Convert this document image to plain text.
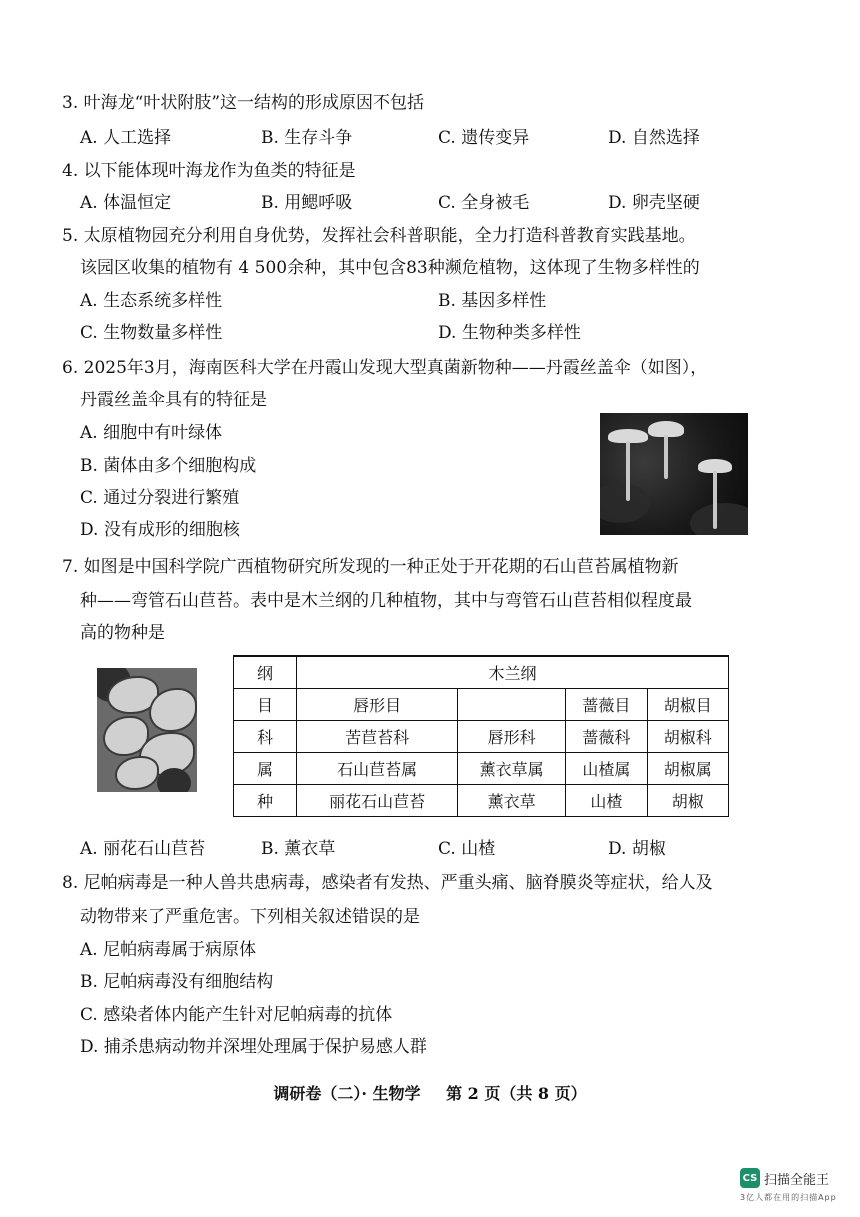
3. 叶海龙“叶状附肢”这一结构的形成原因不包括
A. 人工选择	B. 生存斗争	C. 遗传变异	D. 自然选择
4. 以下能体现叶海龙作为鱼类的特征是
A. 体温恒定	B. 用鳃呼吸	C. 全身被毛	D. 卵壳坚硬
5. 太原植物园充分利用自身优势，发挥社会科普职能，全力打造科普教育实践基地。
该园区收集的植物有 4 500余种，其中包含83种濒危植物，这体现了生物多样性的
A. 生态系统多样性	B. 基因多样性
C. 生物数量多样性	D. 生物种类多样性
6. 2025年3月，海南医科大学在丹霞山发现大型真菌新物种——丹霞丝盖伞（如图），
丹霞丝盖伞具有的特征是
A. 细胞中有叶绿体
B. 菌体由多个细胞构成
C. 通过分裂进行繁殖
D. 没有成形的细胞核
7. 如图是中国科学院广西植物研究所发现的一种正处于开花期的石山苣苔属植物新
种——弯管石山苣苔。表中是木兰纲的几种植物，其中与弯管石山苣苔相似程度最
高的物种是
纲	木兰纲			
目	唇形目		蔷薇目	胡椒目
科	苦苣苔科	唇形科	蔷薇科	胡椒科
属	石山苣苔属	薰衣草属	山楂属	胡椒属
种	丽花石山苣苔	薰衣草	山楂	胡椒
A. 丽花石山苣苔	B. 薰衣草	C. 山楂	D. 胡椒
8. 尼帕病毒是一种人兽共患病毒，感染者有发热、严重头痛、脑脊膜炎等症状，给人及
动物带来了严重危害。下列相关叙述错误的是
A. 尼帕病毒属于病原体
B. 尼帕病毒没有细胞结构
C. 感染者体内能产生针对尼帕病毒的抗体
D. 捕杀患病动物并深埋处理属于保护易感人群
调研卷（二）· 生物学 第 2 页（共 8 页）
CS 扫描全能王
3亿人都在用的扫描App
